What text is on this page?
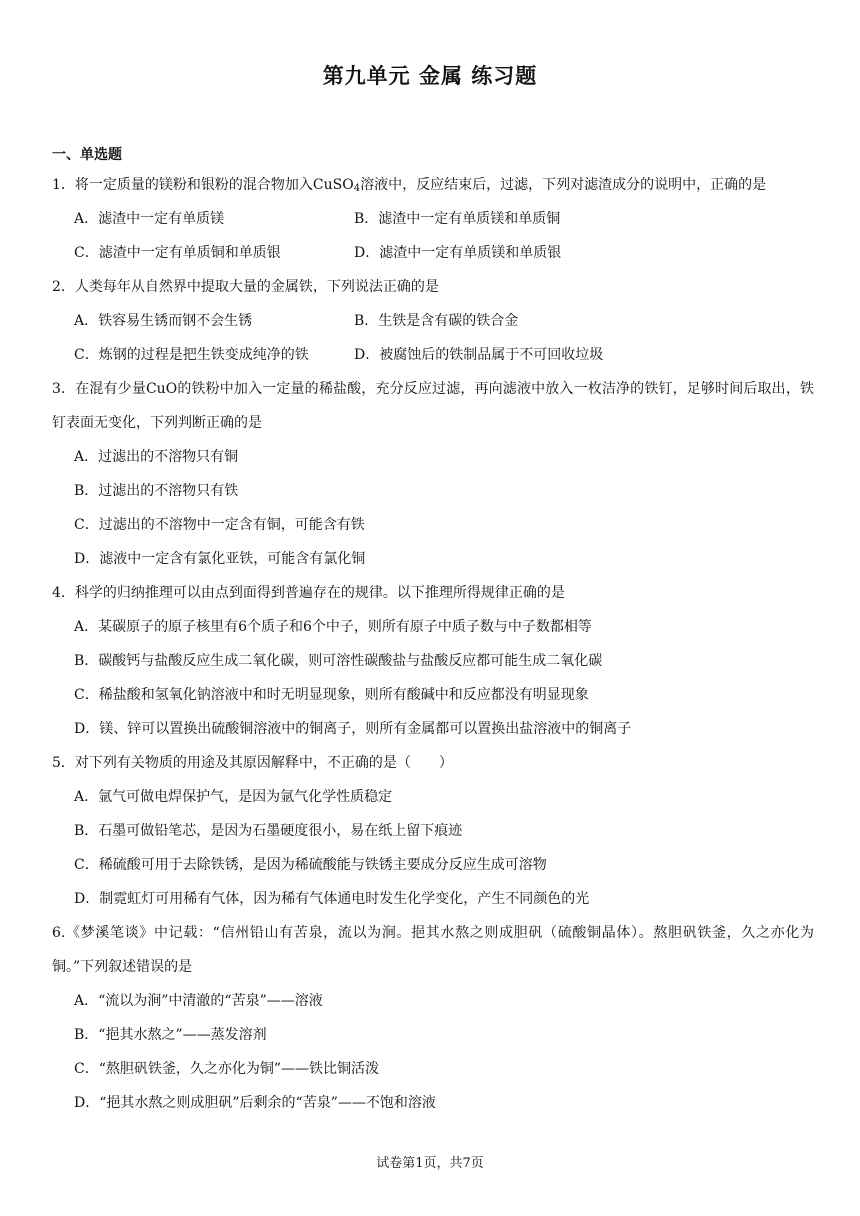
第九单元 金属 练习题
一、单选题
1．将一定质量的镁粉和银粉的混合物加入CuSO$_4$溶液中，反应结束后，过滤，下列对滤渣成分的说明中，正确的是
A．滤渣中一定有单质镁	B．滤渣中一定有单质镁和单质铜
C．滤渣中一定有单质铜和单质银	D．滤渣中一定有单质镁和单质银
2．人类每年从自然界中提取大量的金属铁，下列说法正确的是
A．铁容易生锈而钢不会生锈	B．生铁是含有碳的铁合金
C．炼钢的过程是把生铁变成纯净的铁	D．被腐蚀后的铁制品属于不可回收垃圾
3．在混有少量CuO的铁粉中加入一定量的稀盐酸，充分反应过滤，再向滤液中放入一枚洁净的铁钉，足够时间后取出，铁钉表面无变化，下列判断正确的是
A．过滤出的不溶物只有铜
B．过滤出的不溶物只有铁
C．过滤出的不溶物中一定含有铜，可能含有铁
D．滤液中一定含有氯化亚铁，可能含有氯化铜
4．科学的归纳推理可以由点到面得到普遍存在的规律。以下推理所得规律正确的是
A．某碳原子的原子核里有6个质子和6个中子，则所有原子中质子数与中子数都相等
B．碳酸钙与盐酸反应生成二氧化碳，则可溶性碳酸盐与盐酸反应都可能生成二氧化碳
C．稀盐酸和氢氧化钠溶液中和时无明显现象，则所有酸碱中和反应都没有明显现象
D．镁、锌可以置换出硫酸铜溶液中的铜离子，则所有金属都可以置换出盐溶液中的铜离子
5．对下列有关物质的用途及其原因解释中，不正确的是（　　）
A．氩气可做电焊保护气，是因为氩气化学性质稳定
B．石墨可做铅笔芯，是因为石墨硬度很小，易在纸上留下痕迹
C．稀硫酸可用于去除铁锈，是因为稀硫酸能与铁锈主要成分反应生成可溶物
D．制霓虹灯可用稀有气体，因为稀有气体通电时发生化学变化，产生不同颜色的光
6.《梦溪笔谈》中记载：“信州铅山有苦泉，流以为涧。挹其水熬之则成胆矾（硫酸铜晶体）。熬胆矾铁釜，久之亦化为铜。”下列叙述错误的是
A．“流以为涧”中清澈的“苦泉”——溶液
B．“挹其水熬之”——蒸发溶剂
C．“熬胆矾铁釜，久之亦化为铜”——铁比铜活泼
D．“挹其水熬之则成胆矾”后剩余的“苦泉”——不饱和溶液
试卷第1页，共7页
